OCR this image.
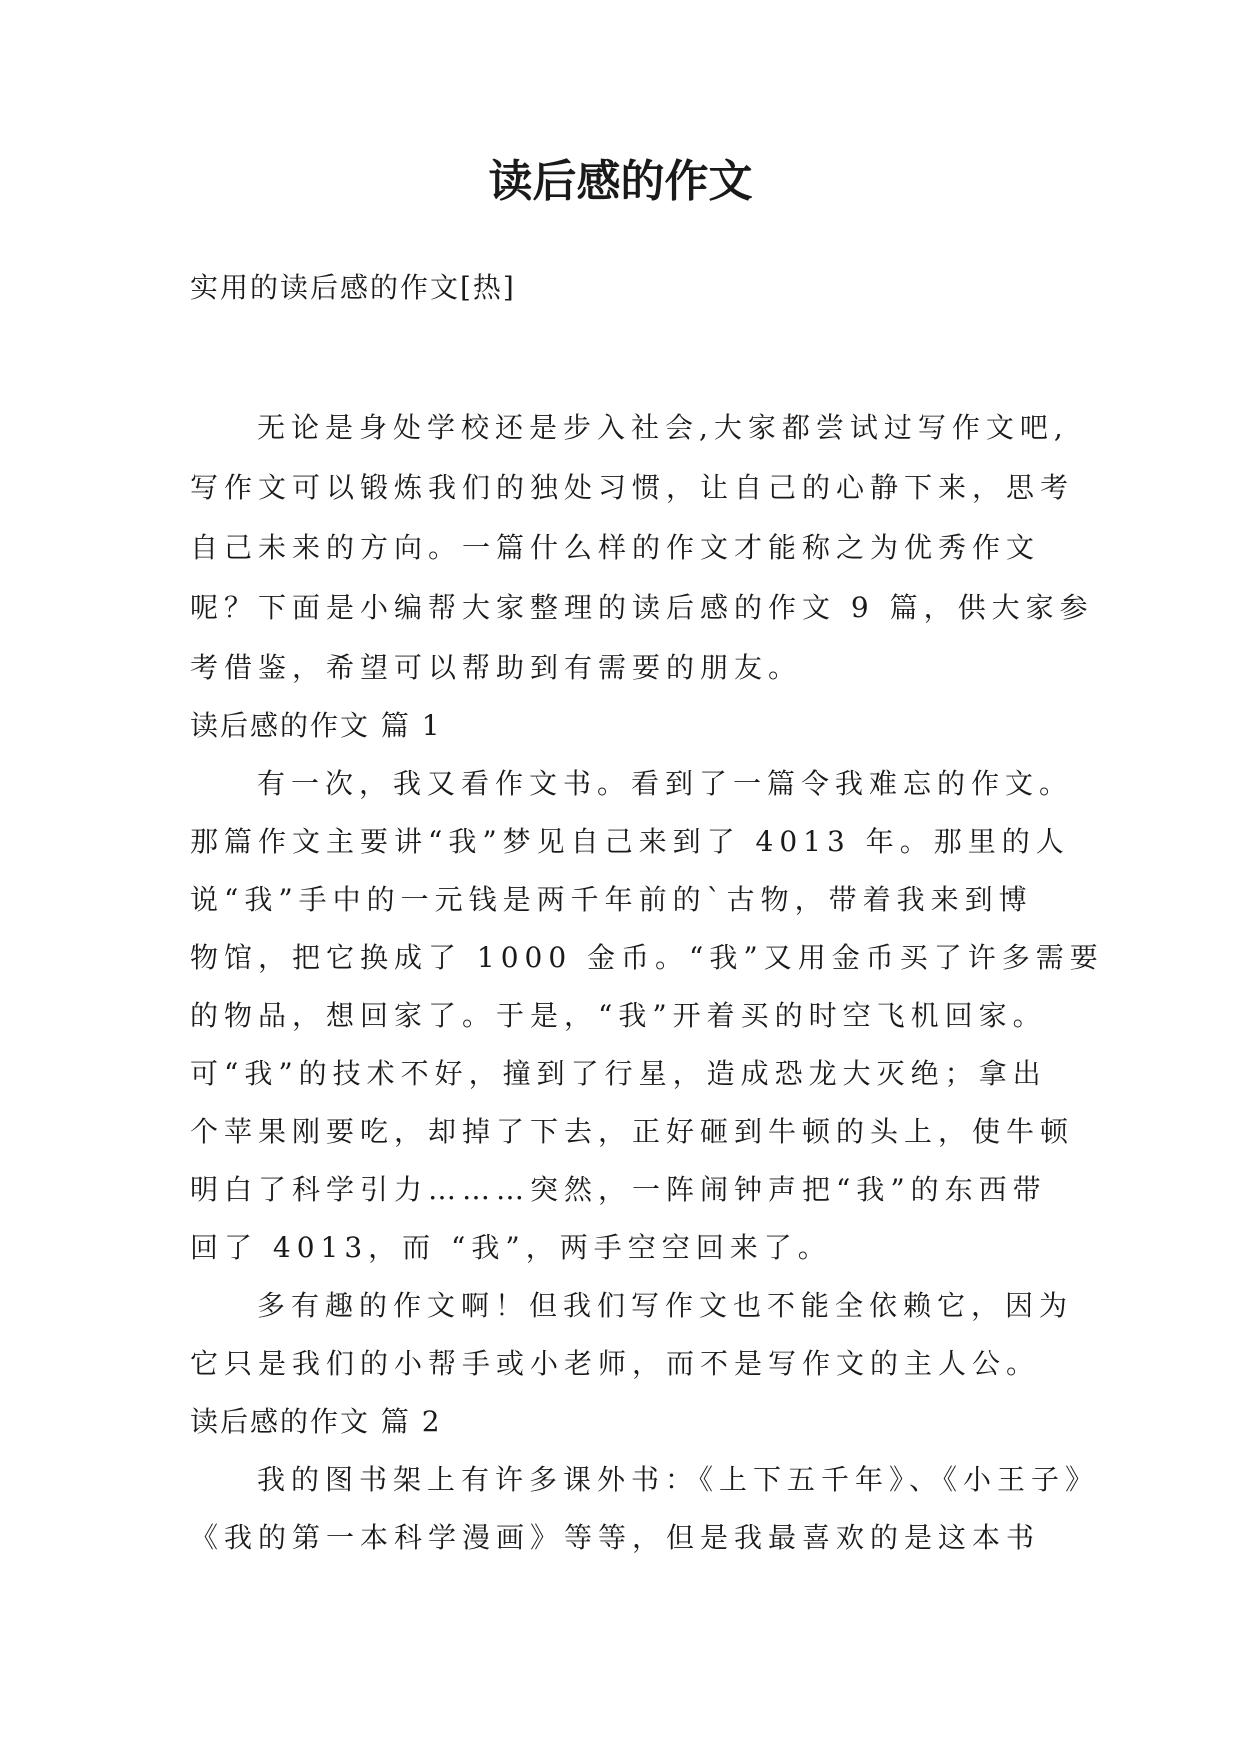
读后感的作文
实用的读后感的作文[热]
无论是身处学校还是步入社会,大家都尝试过写作文吧,
写作文可以锻炼我们的独处习惯，让自己的心静下来，思考
自己未来的方向。一篇什么样的作文才能称之为优秀作文
呢？下面是小编帮大家整理的读后感的作文 9 篇，供大家参
考借鉴，希望可以帮助到有需要的朋友。
读后感的作文 篇 1
有一次，我又看作文书。看到了一篇令我难忘的作文。
那篇作文主要讲“我”梦见自己来到了 4013 年。那里的人
说“我”手中的一元钱是两千年前的`古物，带着我来到博
物馆，把它换成了 1000 金币。“我”又用金币买了许多需要
的物品，想回家了。于是，“我”开着买的时空飞机回家。
可“我”的技术不好，撞到了行星，造成恐龙大灭绝；拿出
个苹果刚要吃，却掉了下去，正好砸到牛顿的头上，使牛顿
明白了科学引力………突然，一阵闹钟声把“我”的东西带
回了 4013，而 “我”，两手空空回来了。
多有趣的作文啊！但我们写作文也不能全依赖它，因为
它只是我们的小帮手或小老师，而不是写作文的主人公。
读后感的作文 篇 2
我的图书架上有许多课外书：《上下五千年》、《小王子》
《我的第一本科学漫画》等等，但是我最喜欢的是这本书
